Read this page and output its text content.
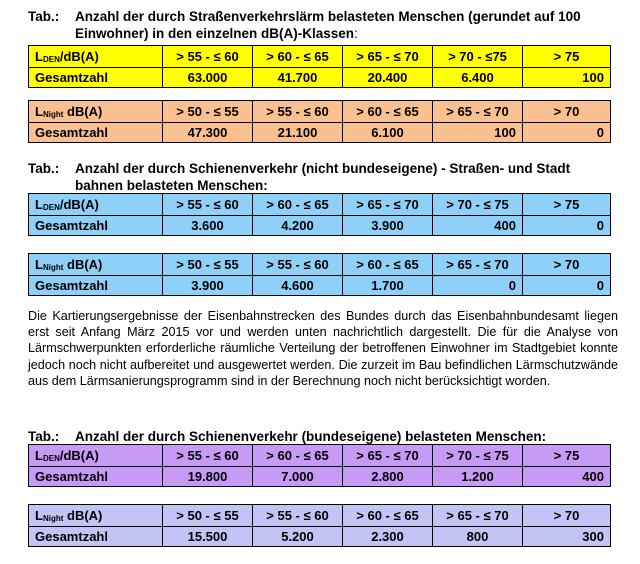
Tab.: Anzahl der durch Straßenverkehrslärm belasteten Menschen (gerundet auf 100 Einwohner) in den einzelnen dB(A)-Klassen:
LDEN/dB(A)	> 55 - ≤ 60	> 60 - ≤ 65	> 65 - ≤ 70	> 70 - ≤75	> 75
Gesamtzahl	63.000	41.700	20.400	6.400	100
LNight dB(A)	> 50 - ≤ 55	> 55 - ≤ 60	> 60 - ≤ 65	> 65 - ≤ 70	> 70
Gesamtzahl	47.300	21.100	6.100	100	0
Tab.: Anzahl der durch Schienenverkehr (nicht bundeseigene) - Straßen- und Stadt bahnen belasteten Menschen:
LDEN/dB(A)	> 55 - ≤ 60	> 60 - ≤ 65	> 65 - ≤ 70	> 70 - ≤ 75	> 75
Gesamtzahl	3.600	4.200	3.900	400	0
LNight dB(A)	> 50 - ≤ 55	> 55 - ≤ 60	> 60 - ≤ 65	> 65 - ≤ 70	> 70
Gesamtzahl	3.900	4.600	1.700	0	0
Die Kartierungsergebnisse der Eisenbahnstrecken des Bundes durch das Eisenbahnbundesamt liegen erst seit Anfang März 2015 vor und werden unten nachrichtlich dargestellt. Die für die Analyse von Lärmschwerpunkten erforderliche räumliche Verteilung der betroffenen Einwohner im Stadtgebiet konnte jedoch noch nicht aufbereitet und ausgewertet werden. Die zurzeit im Bau befindlichen Lärmschutzwände aus dem Lärmsanierungsprogramm sind in der Berechnung noch nicht berücksichtigt worden.
Tab.: Anzahl der durch Schienenverkehr (bundeseigene) belasteten Menschen:
LDEN/dB(A)	> 55 - ≤ 60	> 60 - ≤ 65	> 65 - ≤ 70	> 70 - ≤ 75	> 75
Gesamtzahl	19.800	7.000	2.800	1.200	400
LNight dB(A)	> 50 - ≤ 55	> 55 - ≤ 60	> 60 - ≤ 65	> 65 - ≤ 70	> 70
Gesamtzahl	15.500	5.200	2.300	800	300
